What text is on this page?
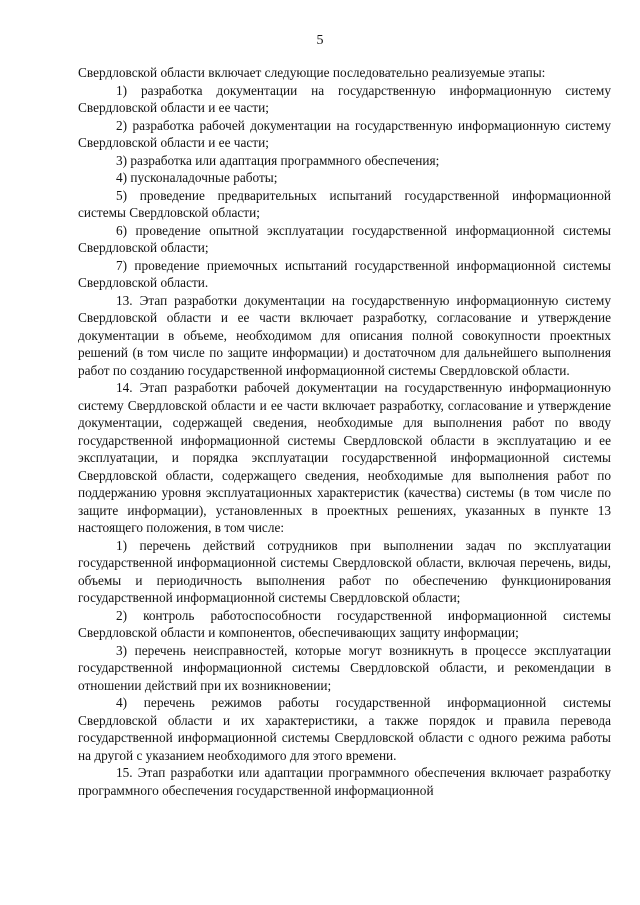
5

Свердловской области включает следующие последовательно реализуемые этапы:

1) разработка документации на государственную информационную систему Свердловской области и ее части;

2) разработка рабочей документации на государственную информационную систему Свердловской области и ее части;

3) разработка или адаптация программного обеспечения;

4) пусконаладочные работы;

5) проведение предварительных испытаний государственной информационной системы Свердловской области;

6) проведение опытной эксплуатации государственной информационной системы Свердловской области;

7) проведение приемочных испытаний государственной информационной системы Свердловской области.

13. Этап разработки документации на государственную информационную систему Свердловской области и ее части включает разработку, согласование и утверждение документации в объеме, необходимом для описания полной совокупности проектных решений (в том числе по защите информации) и достаточном для дальнейшего выполнения работ по созданию государственной информационной системы Свердловской области.

14. Этап разработки рабочей документации на государственную информационную систему Свердловской области и ее части включает разработку, согласование и утверждение документации, содержащей сведения, необходимые для выполнения работ по вводу государственной информационной системы Свердловской области в эксплуатацию и ее эксплуатации, и порядка эксплуатации государственной информационной системы Свердловской области, содержащего сведения, необходимые для выполнения работ по поддержанию уровня эксплуатационных характеристик (качества) системы (в том числе по защите информации), установленных в проектных решениях, указанных в пункте 13 настоящего положения, в том числе:

1) перечень действий сотрудников при выполнении задач по эксплуатации государственной информационной системы Свердловской области, включая перечень, виды, объемы и периодичность выполнения работ по обеспечению функционирования государственной информационной системы Свердловской области;

2) контроль работоспособности государственной информационной системы Свердловской области и компонентов, обеспечивающих защиту информации;

3) перечень неисправностей, которые могут возникнуть в процессе эксплуатации государственной информационной системы Свердловской области, и рекомендации в отношении действий при их возникновении;

4) перечень режимов работы государственной информационной системы Свердловской области и их характеристики, а также порядок и правила перевода государственной информационной системы Свердловской области с одного режима работы на другой с указанием необходимого для этого времени.

15. Этап разработки или адаптации программного обеспечения включает разработку программного обеспечения государственной информационной
